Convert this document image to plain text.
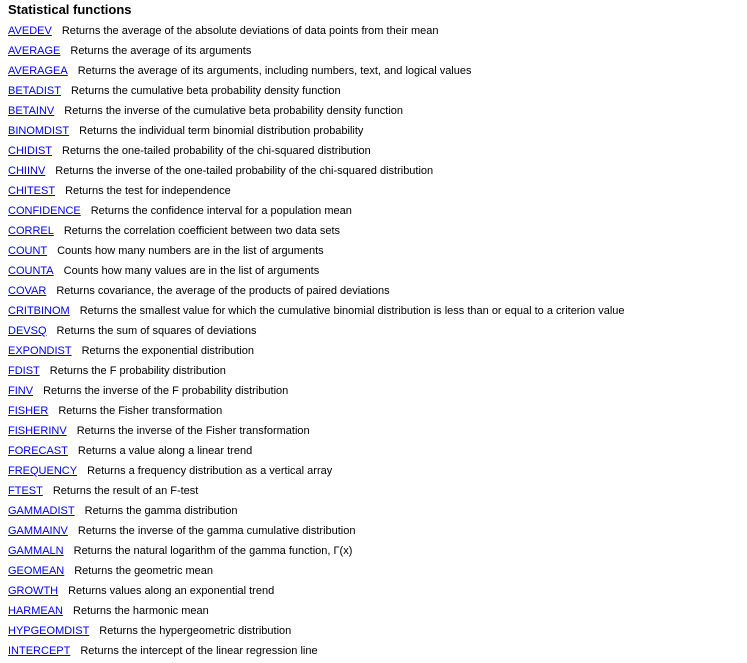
Statistical functions
AVEDEV Returns the average of the absolute deviations of data points from their mean
AVERAGE Returns the average of its arguments
AVERAGEA Returns the average of its arguments, including numbers, text, and logical values
BETADIST Returns the cumulative beta probability density function
BETAINV Returns the inverse of the cumulative beta probability density function
BINOMDIST Returns the individual term binomial distribution probability
CHIDIST Returns the one-tailed probability of the chi-squared distribution
CHIINV Returns the inverse of the one-tailed probability of the chi-squared distribution
CHITEST Returns the test for independence
CONFIDENCE Returns the confidence interval for a population mean
CORREL Returns the correlation coefficient between two data sets
COUNT Counts how many numbers are in the list of arguments
COUNTA Counts how many values are in the list of arguments
COVAR Returns covariance, the average of the products of paired deviations
CRITBINOM Returns the smallest value for which the cumulative binomial distribution is less than or equal to a criterion value
DEVSQ Returns the sum of squares of deviations
EXPONDIST Returns the exponential distribution
FDIST Returns the F probability distribution
FINV Returns the inverse of the F probability distribution
FISHER Returns the Fisher transformation
FISHERINV Returns the inverse of the Fisher transformation
FORECAST Returns a value along a linear trend
FREQUENCY Returns a frequency distribution as a vertical array
FTEST Returns the result of an F-test
GAMMADIST Returns the gamma distribution
GAMMAINV Returns the inverse of the gamma cumulative distribution
GAMMALN Returns the natural logarithm of the gamma function, Γ(x)
GEOMEAN Returns the geometric mean
GROWTH Returns values along an exponential trend
HARMEAN Returns the harmonic mean
HYPGEOMDIST Returns the hypergeometric distribution
INTERCEPT Returns the intercept of the linear regression line
